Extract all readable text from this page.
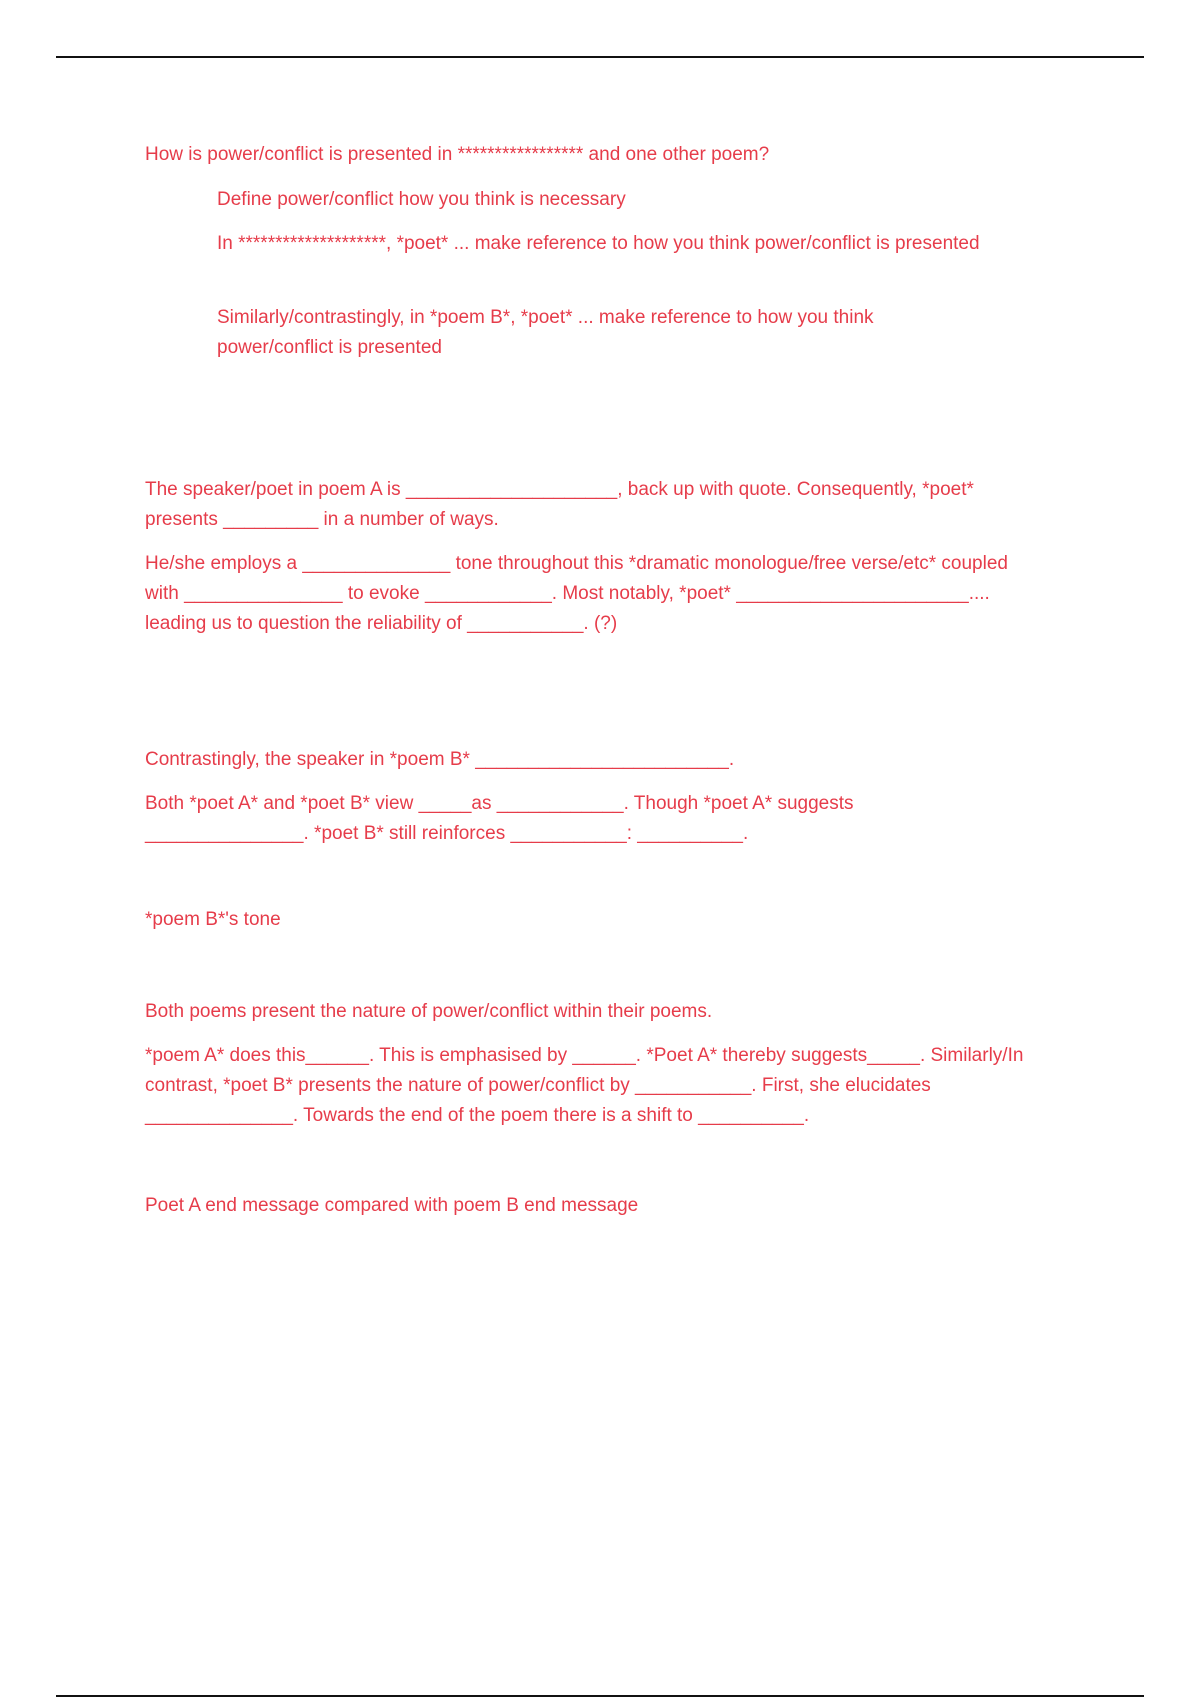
How is power/conflict is presented in ***************** and one other poem?

Define power/conflict how you think is necessary

In ********************, *poet* ... make reference to how you think power/conflict is presented

Similarly/contrastingly, in *poem B*, *poet* ... make reference to how you think power/conflict is presented

The speaker/poet in poem A is ____________________, back up with quote. Consequently, *poet* presents _________ in a number of ways.

He/she employs a ______________ tone throughout this *dramatic monologue/free verse/etc* coupled with _______________ to evoke ____________. Most notably, *poet* ______________________.... leading us to question the reliability of ___________. (?)

Contrastingly, the speaker in *poem B* ________________________.

Both *poet A* and *poet B* view _____as ____________. Though *poet A* suggests _______________. *poet B* still reinforces ___________: __________.

*poem B*'s tone

Both poems present the nature of power/conflict within their poems.

*poem A* does this______. This is emphasised by ______. *Poet A* thereby suggests_____. Similarly/In contrast, *poet B* presents the nature of power/conflict by ___________. First, she elucidates ______________. Towards the end of the poem there is a shift to __________.

Poet A end message compared with poem B end message
